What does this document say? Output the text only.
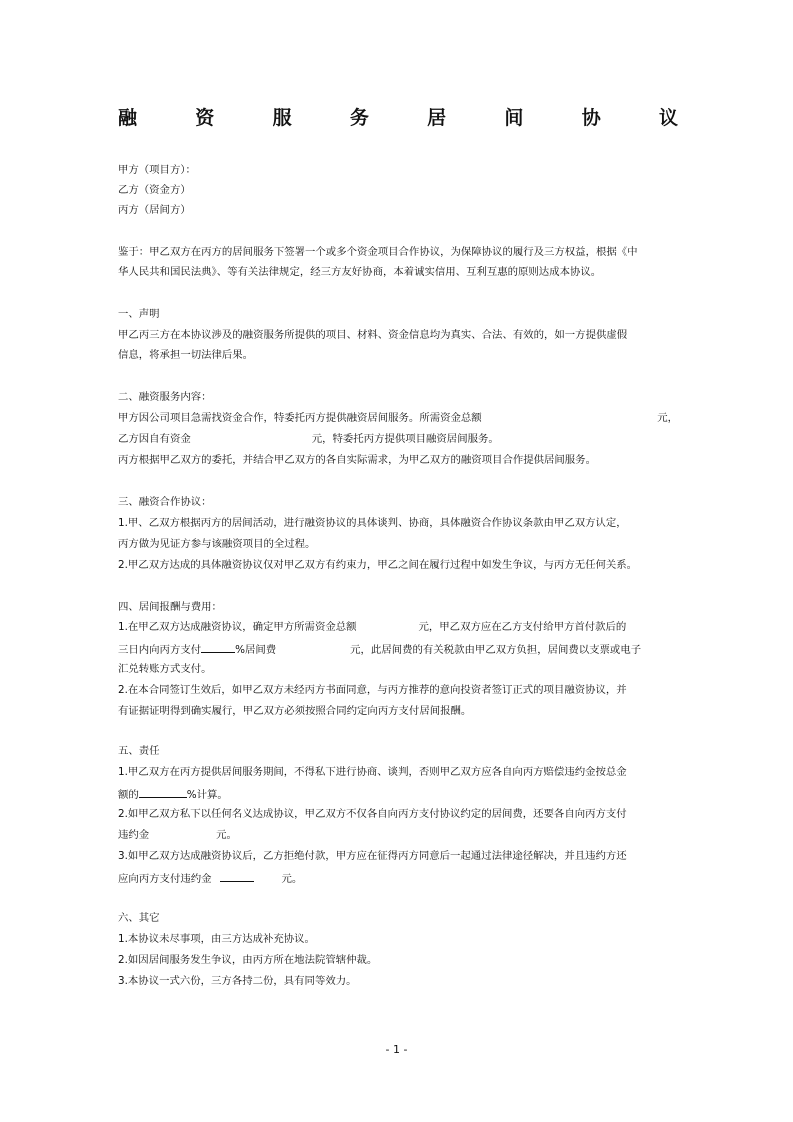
融	资	服	务	居	间	协	议
甲方（项目方）：
乙方（资金方）
丙方（居间方）
鉴于：甲乙双方在丙方的居间服务下签署一个或多个资金项目合作协议，为保障协议的履行及三方权益，根据《中
华人民共和国民法典》、等有关法律规定，经三方友好协商，本着诚实信用、互利互惠的原则达成本协议。
一、声明
甲乙丙三方在本协议涉及的融资服务所提供的项目、材料、资金信息均为真实、合法、有效的，如一方提供虚假
信息，将承担一切法律后果。
二、融资服务内容：
甲方因公司项目急需找资金合作，特委托丙方提供融资居间服务。所需资金总额	元，
乙方因自有资金	元，特委托丙方提供项目融资居间服务。
丙方根据甲乙双方的委托，并结合甲乙双方的各自实际需求，为甲乙双方的融资项目合作提供居间服务。
三、融资合作协议：
1.甲、乙双方根据丙方的居间活动，进行融资协议的具体谈判、协商，具体融资合作协议条款由甲乙双方认定，
丙方做为见证方参与该融资项目的全过程。
2.甲乙双方达成的具体融资协议仅对甲乙双方有约束力，甲乙之间在履行过程中如发生争议，与丙方无任何关系。
四、居间报酬与费用：
1.在甲乙双方达成融资协议，确定甲方所需资金总额	元，甲乙双方应在乙方支付给甲方首付款后的
三日内向丙方支付	%居间费	元，此居间费的有关税款由甲乙双方负担，居间费以支票或电子
汇兑转账方式支付。
2.在本合同签订生效后，如甲乙双方未经丙方书面同意，与丙方推荐的意向投资者签订正式的项目融资协议，并
有证据证明得到确实履行，甲乙双方必须按照合同约定向丙方支付居间报酬。
五、责任
1.甲乙双方在丙方提供居间服务期间，不得私下进行协商、谈判，否则甲乙双方应各自向丙方赔偿违约金按总金
额的	%计算。
2.如甲乙双方私下以任何名义达成协议，甲乙双方不仅各自向丙方支付协议约定的居间费，还要各自向丙方支付
违约金	元。
3.如甲乙双方达成融资协议后，乙方拒绝付款，甲方应在征得丙方同意后一起通过法律途径解决，并且违约方还
应向丙方支付违约金	元。
六、其它
1.本协议未尽事项，由三方达成补充协议。
2.如因居间服务发生争议，由丙方所在地法院管辖仲裁。
3.本协议一式六份，三方各持二份，具有同等效力。
- 1 -
